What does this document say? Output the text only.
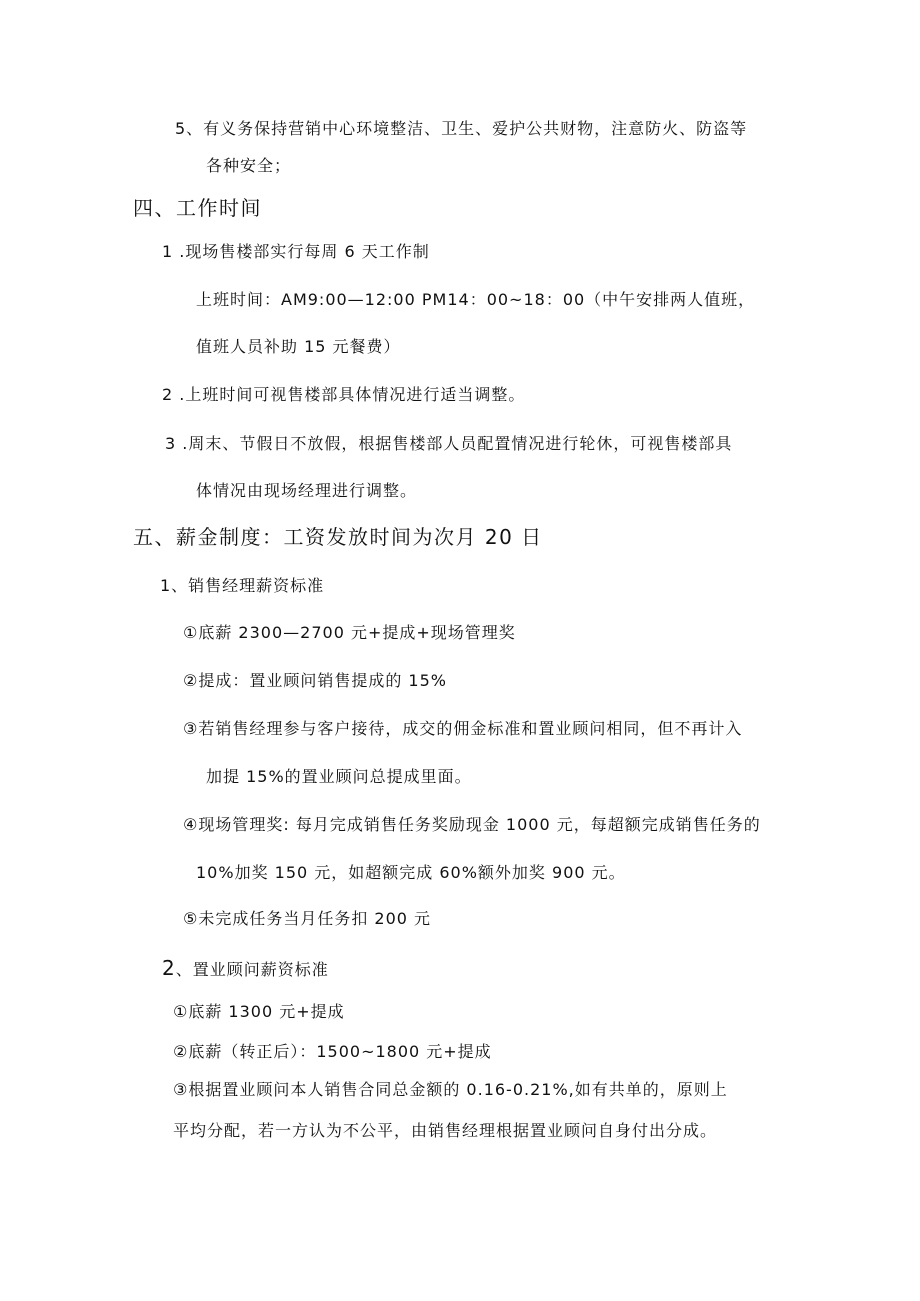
5、有义务保持营销中心环境整洁、卫生、爱护公共财物，注意防火、防盗等
各种安全；
四、工作时间
1 .现场售楼部实行每周 6 天工作制
上班时间：AM9:00—12:00 PM14：00~18：00（中午安排两人值班，
值班人员补助 15 元餐费）
2 .上班时间可视售楼部具体情况进行适当调整。
3 .周末、节假日不放假，根据售楼部人员配置情况进行轮休，可视售楼部具
体情况由现场经理进行调整。
五、薪金制度：工资发放时间为次月 20 日
1、销售经理薪资标准
①底薪 2300—2700 元+提成+现场管理奖
②提成：置业顾问销售提成的 15%
③若销售经理参与客户接待，成交的佣金标准和置业顾问相同，但不再计入
加提 15%的置业顾问总提成里面。
④现场管理奖: 每月完成销售任务奖励现金 1000 元，每超额完成销售任务的
10%加奖 150 元，如超额完成 60%额外加奖 900 元。
⑤未完成任务当月任务扣 200 元
2、置业顾问薪资标准
①底薪 1300 元+提成
②底薪（转正后）：1500~1800 元+提成
③根据置业顾问本人销售合同总金额的 0.16-0.21%,如有共单的，原则上
平均分配，若一方认为不公平，由销售经理根据置业顾问自身付出分成。
